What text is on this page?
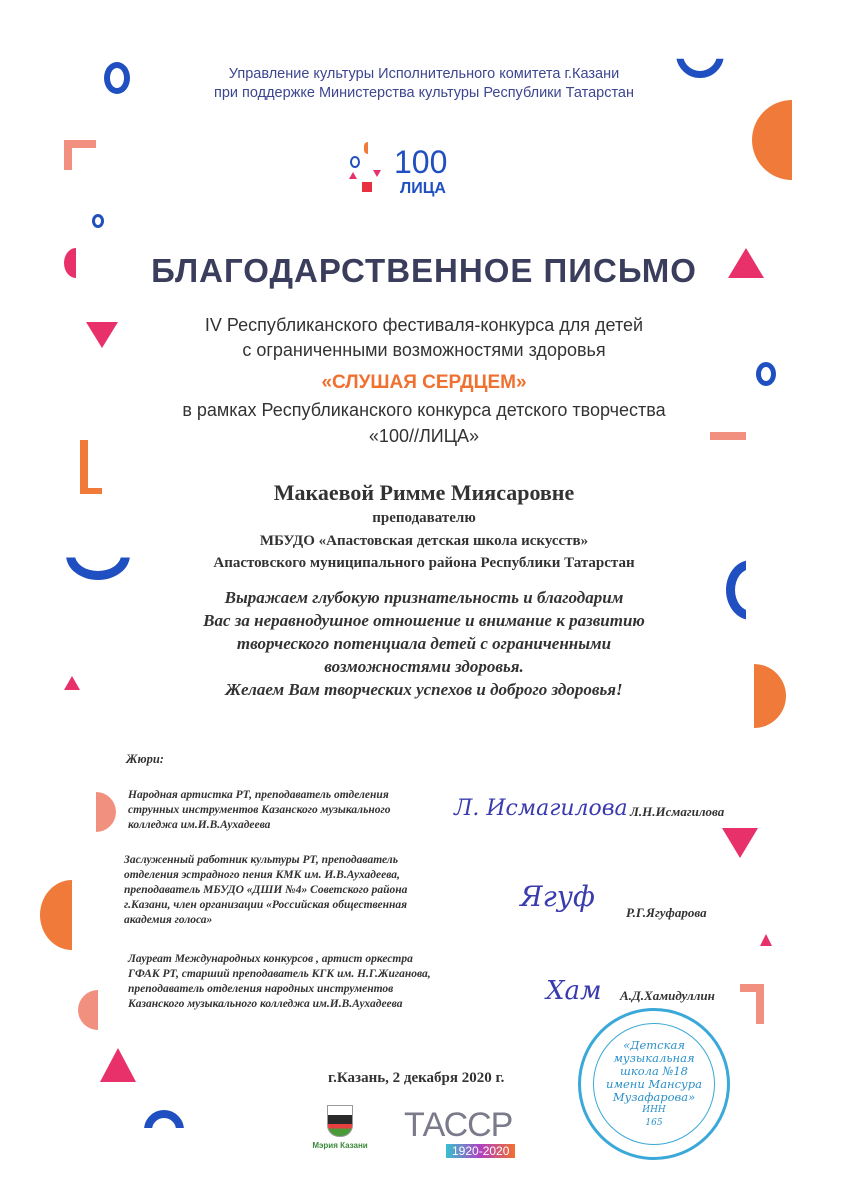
Управление культуры Исполнительного комитета г.Казани
при поддержке Министерства культуры Республики Татарстан
100
ЛИЦА
БЛАГОДАРСТВЕННОЕ ПИСЬМО
IV Республиканского фестиваля-конкурса для детей
с ограниченными возможностями здоровья
«СЛУШАЯ СЕРДЦЕМ»
в рамках Республиканского конкурса детского творчества
«100//ЛИЦА»
Макаевой Римме Миясаровне
преподавателю
МБУДО «Апастовская детская школа искусств»
Апастовского муниципального района Республики Татарстан
Выражаем глубокую признательность и благодарим
Вас за неравнодушное отношение и внимание к развитию
творческого потенциала детей с ограниченными
возможностями здоровья.
Желаем Вам творческих успехов и доброго здоровья!
Жюри:
Народная артистка РТ, преподаватель отделения
струнных инструментов Казанского музыкального
колледжа им.И.В.Аухадеева
Л. Исмагилова Л.Н.Исмагилова
Заслуженный работник культуры РТ, преподаватель
отделения эстрадного пения КМК им. И.В.Аухадеева,
преподаватель МБУДО «ДШИ №4» Советского района
г.Казани, член организации «Российская общественная
академия голоса»
Ягуф Р.Г.Ягуфарова
Лауреат Международных конкурсов , артист оркестра
ГФАК РТ, старший преподаватель КГК им. Н.Г.Жиганова,
преподаватель отделения народных инструментов
Казанского музыкального колледжа им.И.В.Аухадеева	Хам А.Д.Хамидуллин
«Детская
музыкальная
школа №18
имени Мансура
Музафарова»
ИНН
165
г.Казань, 2 декабря 2020 г.
Мэрия Казани
ТАССР
1920-2020
